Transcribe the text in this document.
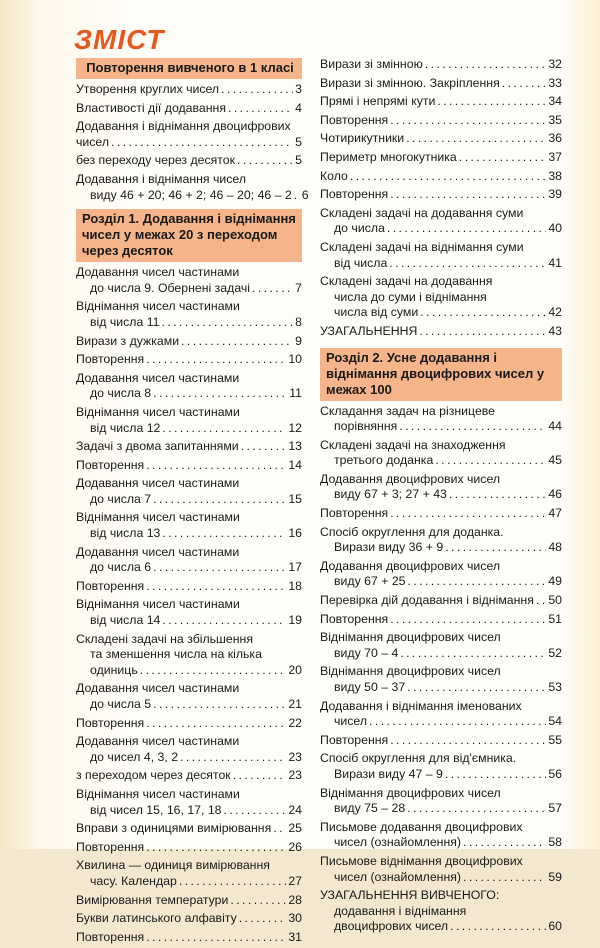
ЗМІСТ
Повторення вивченого в 1 класі
Утворення круглих чисел . . .	3
Властивості дії додавання . . .	4
Додавання і віднімання двоцифрових
чисел . . .	5
без переходу через десяток . . .	5
Додавання і віднімання чисел
виду 46 + 20; 46 + 2; 46 – 20; 46 – 2 . . . 6
Розділ 1. Додавання і віднімання чисел у межах 20 з переходом через десяток
Додавання чисел частинами
до числа 9. Обернені задачі . . .	7
Віднімання чисел частинами
від числа 11 . . .	8
Вирази з дужками . . .	9
Повторення . . .	10
Додавання чисел частинами
до числа 8 . . .	11
Віднімання чисел частинами
від числа 12 . . .	12
Задачі з двома запитаннями . . .	13
Повторення . . .	14
Додавання чисел частинами
до числа 7 . . .	15
Віднімання чисел частинами
від числа 13 . . .	16
Додавання чисел частинами
до числа 6 . . .	17
Повторення . . .	18
Віднімання чисел частинами
від числа 14 . . .	19
Складені задачі на збільшення
та зменшення числа на кілька
одиниць . . .	20
Додавання чисел частинами
до числа 5 . . .	21
Повторення . . .	22
Додавання чисел частинами
до чисел 4, 3, 2 . . .	23
з переходом через десяток . . .	23
Віднімання чисел частинами
від чисел 15, 16, 17, 18 . . .	24
Вправи з одиницями вимірювання . . . 25
Повторення . . .	26
Хвилина — одиниця вимірювання
часу. Календар . . .	27
Вимірювання температури . . .	28
Букви латинського алфавіту . . .	30
Повторення . . .	31
Вирази зі змінною . . .	32
Вирази зі змінною. Закріплення . . .	33
Прямі і непрямі кути . . .	34
Повторення . . .	35
Чотирикутники . . .	36
Периметр многокутника . . .	37
Коло . . .	38
Повторення . . .	39
Складені задачі на додавання суми
до числа . . .	40
Складені задачі на віднімання суми
від числа . . .	41
Складені задачі на додавання
числа до суми і віднімання
числа від суми . . .	42
УЗАГАЛЬНЕННЯ . . .	43
Розділ 2. Усне додавання і віднімання двоцифрових чисел у межах 100
Складання задач на різницеве
порівняння . . .	44
Складені задачі на знаходження
третього доданка . . .	45
Додавання двоцифрових чисел
виду 67 + 3; 27 + 43 . . .	46
Повторення . . .	47
Спосіб округлення для доданка.
Вирази виду 36 + 9 . . .	48
Додавання двоцифрових чисел
виду 67 + 25 . . .	49
Перевірка дій додавання і віднімання . . . 50
Повторення . . .	51
Віднімання двоцифрових чисел
виду 70 – 4 . . .	52
Віднімання двоцифрових чисел
виду 50 – 37 . . .	53
Додавання і віднімання іменованих
чисел . . .	54
Повторення . . .	55
Спосіб округлення для від'ємника.
Вирази виду 47 – 9 . . .	56
Віднімання двоцифрових чисел
виду 75 – 28 . . .	57
Письмове додавання двоцифрових
чисел (ознайомлення) . . .	58
Письмове віднімання двоцифрових
чисел (ознайомлення) . . .	59
УЗАГАЛЬНЕННЯ ВИВЧЕНОГО:
додавання і віднімання
двоцифрових чисел . . .	60
